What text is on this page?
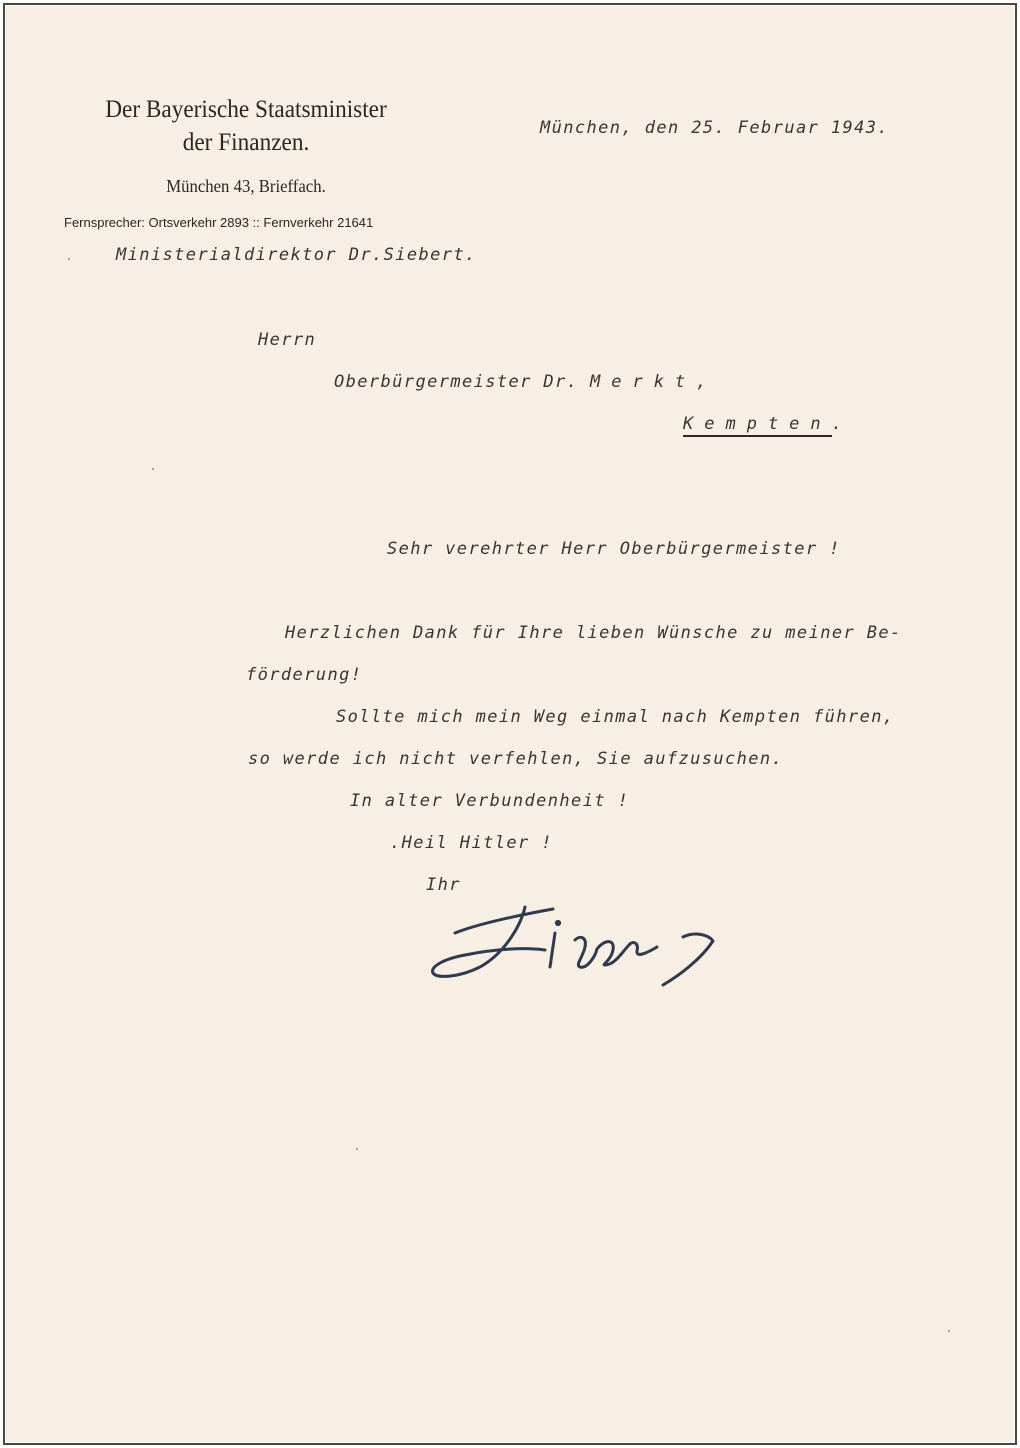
Der Bayerische Staatsminister
der Finanzen.
München 43, Brieffach.
Fernsprecher: Ortsverkehr 2893 :: Fernverkehr 21641
München, den 25. Februar 1943.
Ministerialdirektor Dr.Siebert.
Herrn
Oberbürgermeister Dr. Merkt,
Kempten.
Sehr verehrter Herr Oberbürgermeister !
Herzlichen Dank für Ihre lieben Wünsche zu meiner Be-
förderung!
Sollte mich mein Weg einmal nach Kempten führen,
so werde ich nicht verfehlen, Sie aufzusuchen.
In alter Verbundenheit !
.Heil Hitler !
Ihr
